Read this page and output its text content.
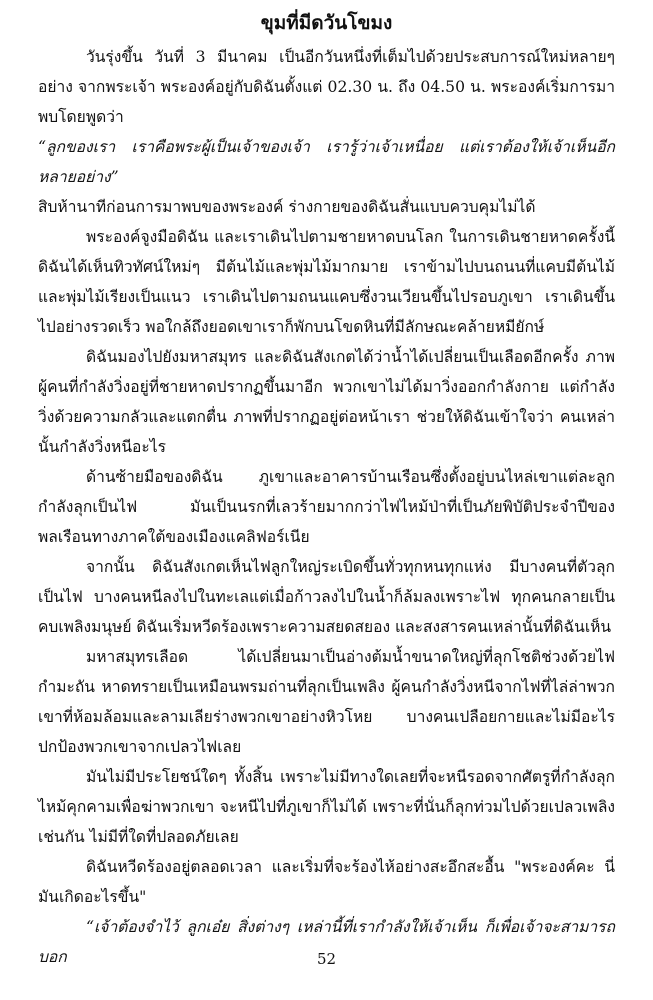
ขุมที่มีดวันโขมง

วันรุ่งขึ้น วันที่ 3 มีนาคม เป็นอีกวันหนึ่งที่เต็มไปด้วยประสบการณ์ใหม่หลายๆ อย่าง จากพระเจ้า พระองค์อยู่กับดิฉันตั้งแต่ 02.30 น. ถึง 04.50 น. พระองค์เริ่มการมาพบโดยพูดว่า

“ลูกของเรา เราคือพระผู้เป็นเจ้าของเจ้า เรารู้ว่าเจ้าเหนื่อย แต่เราต้องให้เจ้าเห็นอีกหลายอย่าง”

สิบห้านาทีก่อนการมาพบของพระองค์ ร่างกายของดิฉันสั่นแบบควบคุมไม่ได้

พระองค์จูงมือดิฉัน และเราเดินไปตามชายหาดบนโลก ในการเดินชายหาดครั้งนี้ ดิฉันได้เห็นทิวทัศน์ใหม่ๆ มีต้นไม้และพุ่มไม้มากมาย เราข้ามไปบนถนนที่แคบมีต้นไม้และพุ่มไม้เรียงเป็นแนว เราเดินไปตามถนนแคบซึ่งวนเวียนขึ้นไปรอบภูเขา เราเดินขึ้นไปอย่างรวดเร็ว พอใกล้ถึงยอดเขาเราก็พักบนโขดหินที่มีลักษณะคล้ายหมียักษ์

ดิฉันมองไปยังมหาสมุทร และดิฉันสังเกตได้ว่าน้ำได้เปลี่ยนเป็นเลือดอีกครั้ง ภาพผู้คนที่กำลังวิ่งอยู่ที่ชายหาดปรากฏขึ้นมาอีก พวกเขาไม่ได้มาวิ่งออกกำลังกาย แต่กำลังวิ่งด้วยความกลัวและแตกตื่น ภาพที่ปรากฏอยู่ต่อหน้าเรา ช่วยให้ดิฉันเข้าใจว่า คนเหล่านั้นกำลังวิ่งหนีอะไร

ด้านซ้ายมือของดิฉัน ภูเขาและอาคารบ้านเรือนซึ่งตั้งอยู่บนไหล่เขาแต่ละลูกกำลังลุกเป็นไฟ มันเป็นนรกที่เลวร้ายมากกว่าไฟไหม้ป่าที่เป็นภัยพิบัติประจำปีของพลเรือนทางภาคใต้ของเมืองแคลิฟอร์เนีย

จากนั้น ดิฉันสังเกตเห็นไฟลูกใหญ่ระเบิดขึ้นทั่วทุกหนทุกแห่ง มีบางคนที่ตัวลุกเป็นไฟ บางคนหนีลงไปในทะเลแต่เมื่อก้าวลงไปในน้ำก็ล้มลงเพราะไฟ ทุกคนกลายเป็นคบเพลิงมนุษย์ ดิฉันเริ่มหวีดร้องเพราะความสยดสยอง และสงสารคนเหล่านั้นที่ดิฉันเห็น

มหาสมุทรเลือด ได้เปลี่ยนมาเป็นอ่างต้มน้ำขนาดใหญ่ที่ลุกโชติช่วงด้วยไฟกำมะถัน หาดทรายเป็นเหมือนพรมถ่านที่ลุกเป็นเพลิง ผู้คนกำลังวิ่งหนีจากไฟที่ไล่ล่าพวกเขาที่ห้อมล้อมและลามเลียร่างพวกเขาอย่างหิวโหย บางคนเปลือยกายและไม่มีอะไรปกป้องพวกเขาจากเปลวไฟเลย

มันไม่มีประโยชน์ใดๆ ทั้งสิ้น เพราะไม่มีทางใดเลยที่จะหนีรอดจากศัตรูที่กำลังลุกไหม้คุกคามเพื่อฆ่าพวกเขา จะหนีไปที่ภูเขาก็ไม่ได้ เพราะที่นั่นก็ลุกท่วมไปด้วยเปลวเพลิงเช่นกัน ไม่มีที่ใดที่ปลอดภัยเลย

ดิฉันหวีดร้องอยู่ตลอดเวลา และเริ่มที่จะร้องไห้อย่างสะอึกสะอื้น "พระองค์คะ นี่มันเกิดอะไรขึ้น"

“เจ้าต้องจำไว้ ลูกเอ๋ย สิ่งต่างๆ เหล่านี้ที่เรากำลังให้เจ้าเห็น ก็เพื่อเจ้าจะสามารถบอก	52
